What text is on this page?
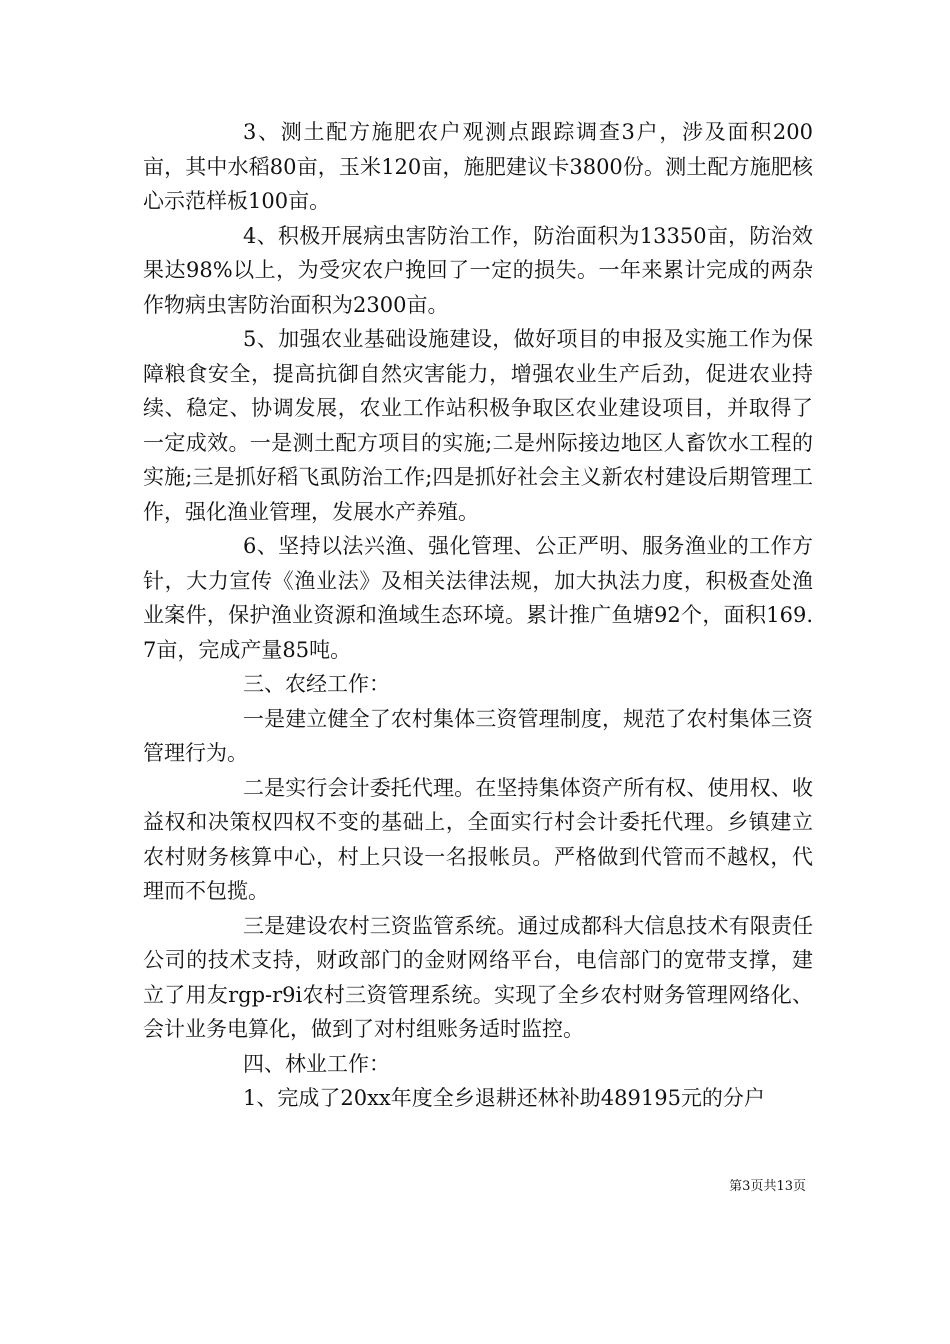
3、测土配方施肥农户观测点跟踪调查3户，涉及面积200亩，其中水稻80亩，玉米120亩，施肥建议卡3800份。测土配方施肥核心示范样板100亩。

4、积极开展病虫害防治工作，防治面积为13350亩，防治效果达98%以上，为受灾农户挽回了一定的损失。一年来累计完成的两杂作物病虫害防治面积为2300亩。

5、加强农业基础设施建设，做好项目的申报及实施工作为保障粮食安全，提高抗御自然灾害能力，增强农业生产后劲，促进农业持续、稳定、协调发展，农业工作站积极争取区农业建设项目，并取得了一定成效。一是测土配方项目的实施;二是州际接边地区人畜饮水工程的实施;三是抓好稻飞虱防治工作;四是抓好社会主义新农村建设后期管理工作，强化渔业管理，发展水产养殖。

6、坚持以法兴渔、强化管理、公正严明、服务渔业的工作方针，大力宣传《渔业法》及相关法律法规，加大执法力度，积极查处渔业案件，保护渔业资源和渔域生态环境。累计推广鱼塘92个，面积169.7亩，完成产量85吨。

三、农经工作：

一是建立健全了农村集体三资管理制度，规范了农村集体三资管理行为。

二是实行会计委托代理。在坚持集体资产所有权、使用权、收益权和决策权四权不变的基础上，全面实行村会计委托代理。乡镇建立农村财务核算中心，村上只设一名报帐员。严格做到代管而不越权，代理而不包揽。

三是建设农村三资监管系统。通过成都科大信息技术有限责任公司的技术支持，财政部门的金财网络平台，电信部门的宽带支撑，建立了用友rgp-r9i农村三资管理系统。实现了全乡农村财务管理网络化、会计业务电算化，做到了对村组账务适时监控。

四、林业工作：

1、完成了20xx年度全乡退耕还林补助489195元的分户

第3页共13页
